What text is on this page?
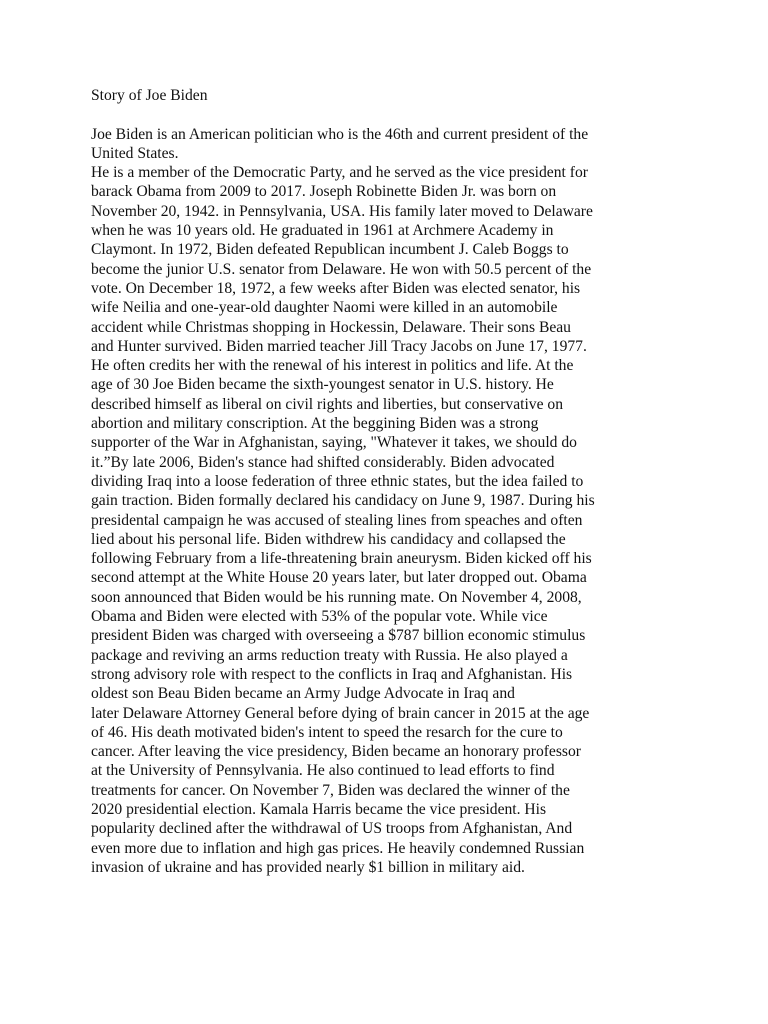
Story of Joe Biden
Joe Biden is an American politician who is the 46th and current president of the
United States.
He is a member of the Democratic Party, and he served as the vice president for
barack Obama from 2009 to 2017. Joseph Robinette Biden Jr. was born on
November 20, 1942. in Pennsylvania, USA. His family later moved to Delaware
when he was 10 years old. He graduated in 1961 at Archmere Academy in
Claymont. In 1972, Biden defeated Republican incumbent J. Caleb Boggs to
become the junior U.S. senator from Delaware. He won with 50.5 percent of the
vote. On December 18, 1972, a few weeks after Biden was elected senator, his
wife Neilia and one-year-old daughter Naomi were killed in an automobile
accident while Christmas shopping in Hockessin, Delaware. Their sons Beau
and Hunter survived. Biden married teacher Jill Tracy Jacobs on June 17, 1977.
He often credits her with the renewal of his interest in politics and life. At the
age of 30 Joe Biden became the sixth-youngest senator in U.S. history. He
described himself as liberal on civil rights and liberties, but conservative on
abortion and military conscription. At the beggining Biden was a strong
supporter of the War in Afghanistan, saying, "Whatever it takes, we should do
it.”By late 2006, Biden's stance had shifted considerably. Biden advocated
dividing Iraq into a loose federation of three ethnic states, but the idea failed to
gain traction. Biden formally declared his candidacy on June 9, 1987. During his
presidental campaign he was accused of stealing lines from speaches and often
lied about his personal life. Biden withdrew his candidacy and collapsed the
following February from a life-threatening brain aneurysm. Biden kicked off his
second attempt at the White House 20 years later, but later dropped out. Obama
soon announced that Biden would be his running mate. On November 4, 2008,
Obama and Biden were elected with 53% of the popular vote. While vice
president Biden was charged with overseeing a $787 billion economic stimulus
package and reviving an arms reduction treaty with Russia. He also played a
strong advisory role with respect to the conflicts in Iraq and Afghanistan. His
oldest son Beau Biden became an Army Judge Advocate in Iraq and
later Delaware Attorney General before dying of brain cancer in 2015 at the age
of 46. His death motivated biden's intent to speed the resarch for the cure to
cancer. After leaving the vice presidency, Biden became an honorary professor
at the University of Pennsylvania. He also continued to lead efforts to find
treatments for cancer. On November 7, Biden was declared the winner of the
2020 presidential election. Kamala Harris became the vice president. His
popularity declined after the withdrawal of US troops from Afghanistan, And
even more due to inflation and high gas prices. He heavily condemned Russian
invasion of ukraine and has provided nearly $1 billion in military aid.
